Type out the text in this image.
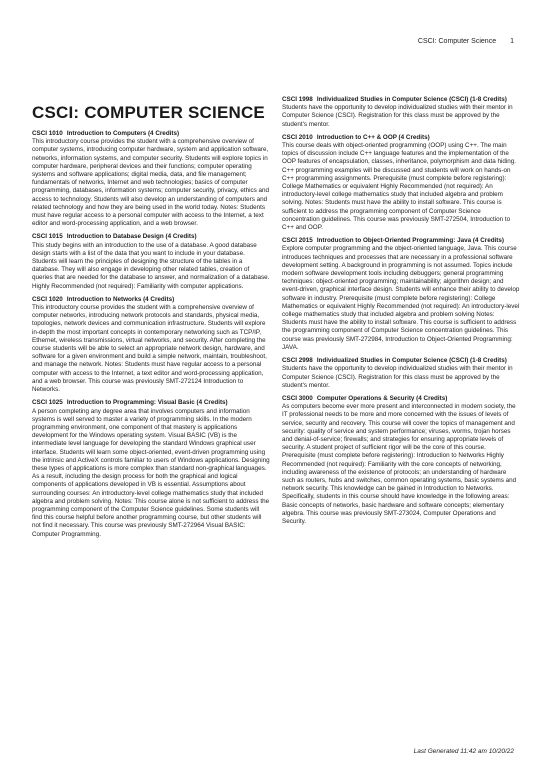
CSCI: Computer Science 1
CSCI: COMPUTER SCIENCE

CSCI 1010 Introduction to Computers (4 Credits)

This introductory course provides the student with a comprehensive overview of computer systems, introducing computer hardware, system and application software, networks, information systems, and computer security. Students will explore topics in computer hardware, peripheral devices and their functions; computer operating systems and software applications; digital media, data, and file management; fundamentals of networks, Internet and web technologies; basics of computer programming, databases, information systems; computer security, privacy, ethics and access to technology. Students will also develop an understanding of computers and related technology and how they are being used in the world today. Notes: Students must have regular access to a personal computer with access to the Internet, a text editor and word-processing application, and a web browser.

CSCI 1015 Introduction to Database Design (4 Credits)

This study begins with an introduction to the use of a database. A good database design starts with a list of the data that you want to include in your database. Students will learn the principles of designing the structure of the tables in a database. They will also engage in developing other related tables, creation of queries that are needed for the database to answer, and normalization of a database. Highly Recommended (not required): Familiarity with computer applications.

CSCI 1020 Introduction to Networks (4 Credits)

This introductory course provides the student with a comprehensive overview of computer networks, introducing network protocols and standards, physical media, topologies, network devices and communication infrastructure. Students will explore in-depth the most important concepts in contemporary networking such as TCP/IP, Ethernet, wireless transmissions, virtual networks, and security. After completing the course students will be able to select an appropriate network design, hardware, and software for a given environment and build a simple network, maintain, troubleshoot, and manage the network. Notes: Students must have regular access to a personal computer with access to the Internet, a text editor and word-processing application, and a web browser. This course was previously SMT-272124 Introduction to Networks.

CSCI 1025 Introduction to Programming: Visual Basic (4 Credits)

A person completing any degree area that involves computers and information systems is well served to master a variety of programming skills. In the modern programming environment, one component of that mastery is applications development for the Windows operating system. Visual BASIC (VB) is the intermediate level language for developing the standard Windows graphical user interface. Students will learn some object-oriented, event-driven programming using the intrinsic and ActiveX controls familiar to users of Windows applications. Designing these types of applications is more complex than standard non-graphical languages. As a result, including the design process for both the graphical and logical components of applications developed in VB is essential. Assumptions about surrounding courses: An introductory-level college mathematics study that included algebra and problem solving. Notes: This course alone is not sufficient to address the programming component of the Computer Science guidelines. Some students will find this course helpful before another programming course, but other students will not find it necessary. This course was previously SMT-272964 Visual BASIC: Computer Programming.

CSCI 1998 Individualized Studies in Computer Science (CSCI) (1-8 Credits)

Students have the opportunity to develop individualized studies with their mentor in Computer Science (CSCI). Registration for this class must be approved by the student's mentor.

CSCI 2010 Introduction to C++ & OOP (4 Credits)

This course deals with object-oriented programming (OOP) using C++. The main topics of discussion include C++ language features and the implementation of the OOP features of encapsulation, classes, inheritance, polymorphism and data hiding. C++ programming examples will be discussed and students will work on hands-on C++ programming assignments. Prerequisite (must complete before registering): College Mathematics or equivalent Highly Recommended (not required): An introductory-level college mathematics study that included algebra and problem solving. Notes: Students must have the ability to install software. This course is sufficient to address the programming component of Computer Science concentration guidelines. This course was previously SMT-272504, Introduction to C++ and OOP.

CSCI 2015 Introduction to Object-Oriented Programming: Java (4 Credits)

Explore computer programming and the object-oriented language, Java. This course introduces techniques and processes that are necessary in a professional software development setting. A background in programming is not assumed. Topics include modern software development tools including debuggers; general programming techniques: object-oriented programming; maintainability; algorithm design; and event-driven, graphical interface design. Students will enhance their ability to develop software in industry. Prerequisite (must complete before registering): College Mathematics or equivalent Highly Recommended (not required): An introductory-level college mathematics study that included algebra and problem solving Notes: Students must have the ability to install software. This course is sufficient to address the programming component of Computer Science concentration guidelines. This course was previously SMT-272984, Introduction to Object-Oriented Programming: JAVA.

CSCI 2998 Individualized Studies in Computer Science (CSCI) (1-8 Credits)

Students have the opportunity to develop individualized studies with their mentor in Computer Science (CSCI). Registration for this class must be approved by the student's mentor.

CSCI 3000 Computer Operations & Security (4 Credits)

As computers become ever more present and interconnected in modern society, the IT professional needs to be more and more concerned with the issues of levels of service, security and recovery. This course will cover the topics of management and security: quality of service and system performance; viruses, worms, trojan horses and denial-of-service; firewalls; and strategies for ensuring appropriate levels of security. A student project of sufficient rigor will be the core of this course. Prerequisite (must complete before registering): Introduction to Networks Highly Recommended (not required): Familiarity with the core concepts of networking, including awareness of the existence of protocols; an understanding of hardware such as routers, hubs and switches, common operating systems, basic systems and network security. This knowledge can be gained in Introduction to Networks. Specifically, students in this course should have knowledge in the following areas: Basic concepts of networks, basic hardware and software concepts; elementary algebra. This course was previously SMT-273024, Computer Operations and Security.

Last Generated 11:42 am 10/20/22
